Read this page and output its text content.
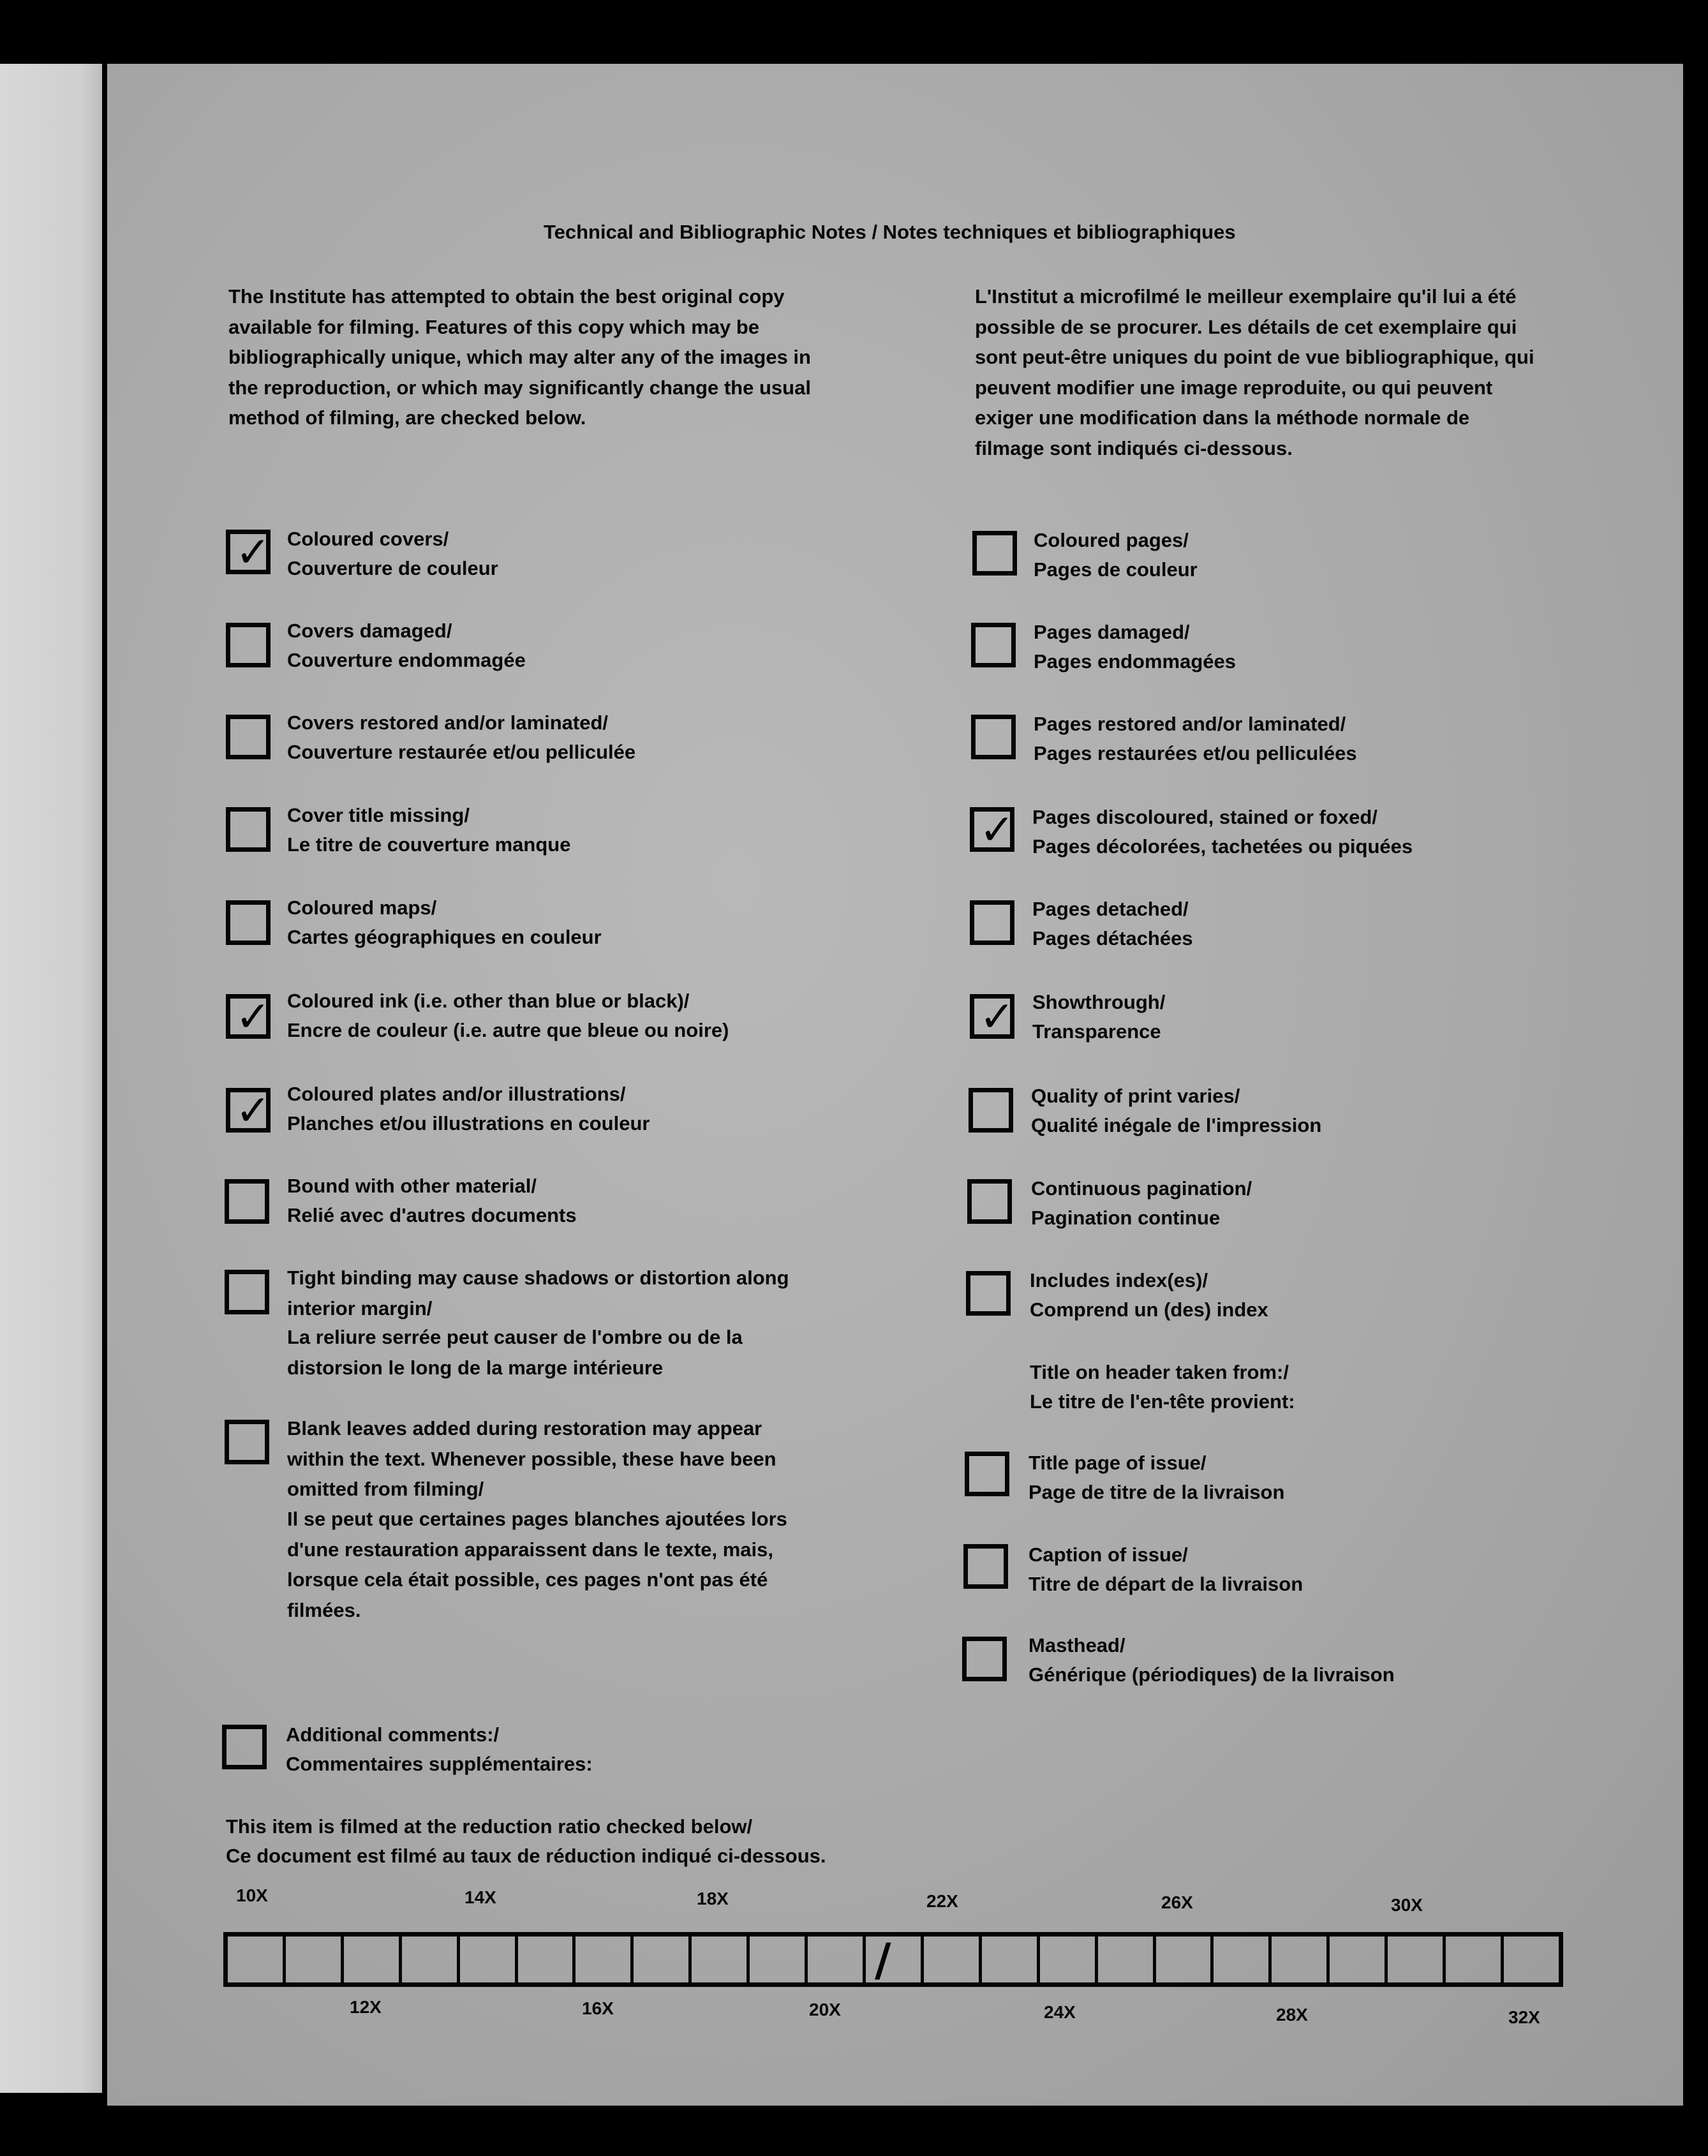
Technical and Bibliographic Notes / Notes techniques et bibliographiques
The Institute has attempted to obtain the best original copy available for filming. Features of this copy which may be bibliographically unique, which may alter any of the images in the reproduction, or which may significantly change the usual method of filming, are checked below.
L'Institut a microfilmé le meilleur exemplaire qu'il lui a été possible de se procurer. Les détails de cet exemplaire qui sont peut-être uniques du point de vue bibliographique, qui peuvent modifier une image reproduite, ou qui peuvent exiger une modification dans la méthode normale de filmage sont indiqués ci-dessous.
✓ Coloured covers/
Couverture de couleur
Covers damaged/
Couverture endommagée
Covers restored and/or laminated/
Couverture restaurée et/ou pelliculée
Cover title missing/
Le titre de couverture manque
Coloured maps/
Cartes géographiques en couleur
✓ Coloured ink (i.e. other than blue or black)/
Encre de couleur (i.e. autre que bleue ou noire)
✓ Coloured plates and/or illustrations/
Planches et/ou illustrations en couleur
Bound with other material/
Relié avec d'autres documents
Tight binding may cause shadows or distortion along interior margin/
La reliure serrée peut causer de l'ombre ou de la distorsion le long de la marge intérieure
Blank leaves added during restoration may appear within the text. Whenever possible, these have been omitted from filming/
Il se peut que certaines pages blanches ajoutées lors d'une restauration apparaissent dans le texte, mais, lorsque cela était possible, ces pages n'ont pas été filmées.
Coloured pages/
Pages de couleur
Pages damaged/
Pages endommagées
Pages restored and/or laminated/
Pages restaurées et/ou pelliculées
✓ Pages discoloured, stained or foxed/
Pages décolorées, tachetées ou piquées
Pages detached/
Pages détachées
✓ Showthrough/
Transparence
Quality of print varies/
Qualité inégale de l'impression
Continuous pagination/
Pagination continue
Includes index(es)/
Comprend un (des) index
Title on header taken from:/
Le titre de l'en-tête provient:
Title page of issue/
Page de titre de la livraison
Caption of issue/
Titre de départ de la livraison
Masthead/
Générique (périodiques) de la livraison
Additional comments:/
Commentaires supplémentaires:
This item is filmed at the reduction ratio checked below/
Ce document est filmé au taux de réduction indiqué ci-dessous.
10X	14X	18X	22X	26X	30X
/
12X	16X	20X	24X	28X	32X
